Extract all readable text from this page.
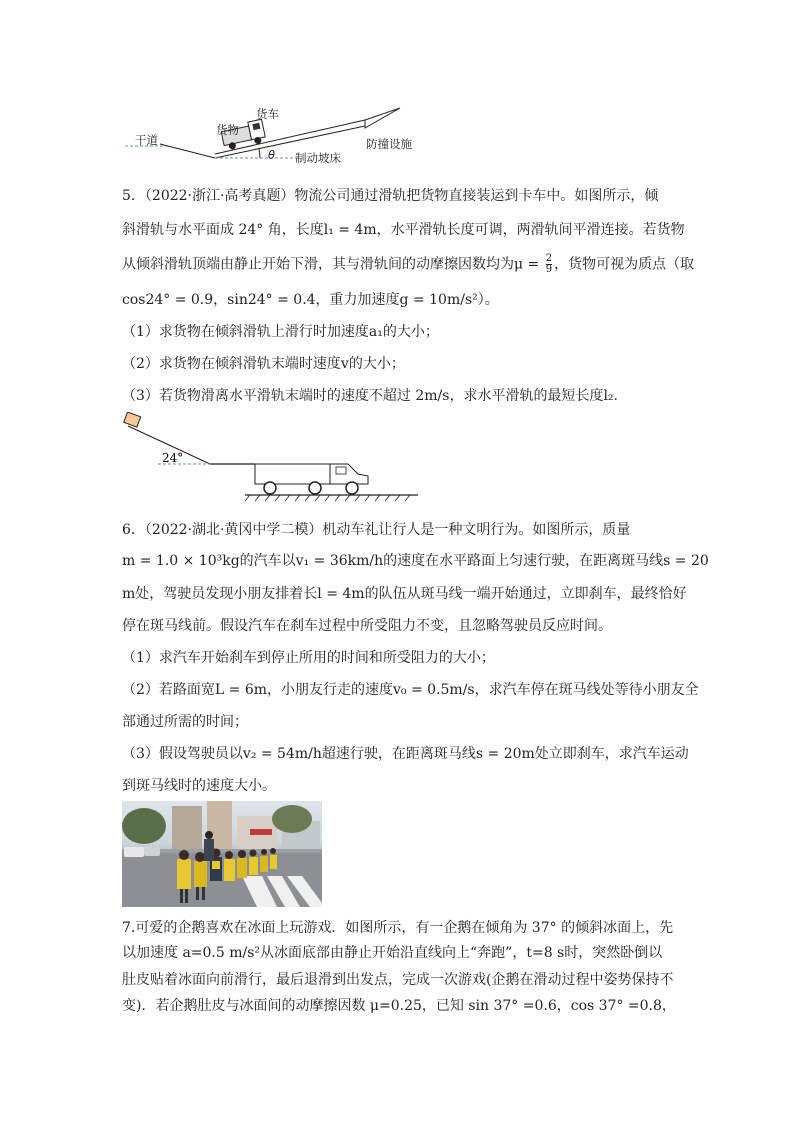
货车
货物
干道
θ 制动坡床
防撞设施
5．（2022·浙江·高考真题）物流公司通过滑轨把货物直接装运到卡车中。如图所示，倾
斜滑轨与水平面成 24° 角，长度l₁ = 4m，水平滑轨长度可调，两滑轨间平滑连接。若货物
从倾斜滑轨顶端由静止开始下滑，其与滑轨间的动摩擦因数均为$\mu = \frac{2}{9}$ ，货物可视为质点（取
cos24° = 0.9，sin24° = 0.4，重力加速度g = 10m/s²）。
（1）求货物在倾斜滑轨上滑行时加速度a₁的大小；
（2）求货物在倾斜滑轨末端时速度v的大小；
（3）若货物滑离水平滑轨末端时的速度不超过 2m/s，求水平滑轨的最短长度l₂.
24°
6．（2022·湖北·黄冈中学二模）机动车礼让行人是一种文明行为。如图所示，质量
m = 1.0 × 10³kg的汽车以v₁ = 36km/h的速度在水平路面上匀速行驶，在距离斑马线s = 20
m处，驾驶员发现小朋友排着长l = 4m的队伍从斑马线一端开始通过，立即刹车，最终恰好
停在斑马线前。假设汽车在刹车过程中所受阻力不变，且忽略驾驶员反应时间。
（1）求汽车开始刹车到停止所用的时间和所受阻力的大小；
（2）若路面宽L = 6m，小朋友行走的速度v₀ = 0.5m/s，求汽车停在斑马线处等待小朋友全
部通过所需的时间；
（3）假设驾驶员以v₂ = 54m/h超速行驶，在距离斑马线s = 20m处立即刹车，求汽车运动
到斑马线时的速度大小。
7.可爱的企鹅喜欢在冰面上玩游戏．如图所示，有一企鹅在倾角为 37° 的倾斜冰面上，先
以加速度 a=0.5 m/s²从冰面底部由静止开始沿直线向上“奔跑”，t=8 s时，突然卧倒以
肚皮贴着冰面向前滑行，最后退滑到出发点，完成一次游戏(企鹅在滑动过程中姿势保持不
变)．若企鹅肚皮与冰面间的动摩擦因数 μ=0.25，已知 sin 37° =0.6，cos 37° =0.8，
